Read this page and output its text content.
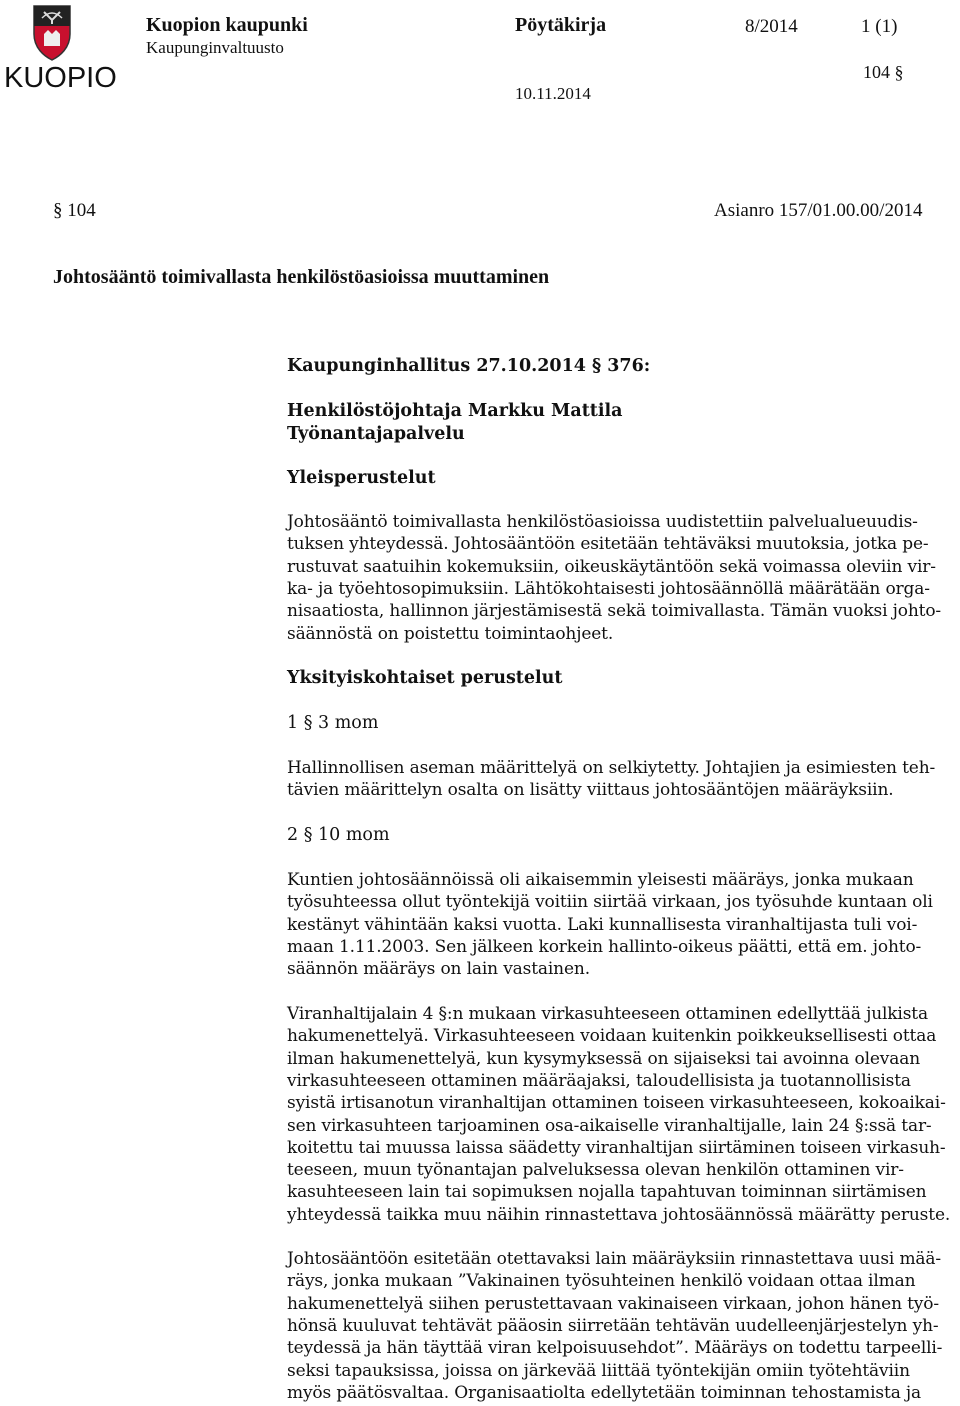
KUOPIO
Kuopion kaupunki
Kaupunginvaltuusto
Pöytäkirja	8/2014	1 (1)
104 §
10.11.2014
§ 104	Asianro 157/01.00.00/2014
Johtosääntö toimivallasta henkilöstöasioissa muuttaminen
Kaupunginhallitus 27.10.2014 § 376:
Henkilöstöjohtaja Markku Mattila
Työnantajapalvelu
Yleisperustelut
Johtosääntö toimivallasta henkilöstöasioissa uudistettiin palvelualueuudis-
tuksen yhteydessä. Johtosääntöön esitetään tehtäväksi muutoksia, jotka pe-
rustuvat saatuihin kokemuksiin, oikeuskäytäntöön sekä voimassa oleviin vir-
ka- ja työehtosopimuksiin. Lähtökohtaisesti johtosäännöllä määrätään orga-
nisaatiosta, hallinnon järjestämisestä sekä toimivallasta. Tämän vuoksi johto-
säännöstä on poistettu toimintaohjeet.
Yksityiskohtaiset perustelut
1 § 3 mom
Hallinnollisen aseman määrittelyä on selkiytetty. Johtajien ja esimiesten teh-
tävien määrittelyn osalta on lisätty viittaus johtosääntöjen määräyksiin.
2 § 10 mom
Kuntien johtosäännöissä oli aikaisemmin yleisesti määräys, jonka mukaan
työsuhteessa ollut työntekijä voitiin siirtää virkaan, jos työsuhde kuntaan oli
kestänyt vähintään kaksi vuotta. Laki kunnallisesta viranhaltijasta tuli voi-
maan 1.11.2003. Sen jälkeen korkein hallinto-oikeus päätti, että em. johto-
säännön määräys on lain vastainen.
Viranhaltijalain 4 §:n mukaan virkasuhteeseen ottaminen edellyttää julkista
hakumenettelyä. Virkasuhteeseen voidaan kuitenkin poikkeuksellisesti ottaa
ilman hakumenettelyä, kun kysymyksessä on sijaiseksi tai avoinna olevaan
virkasuhteeseen ottaminen määräajaksi, taloudellisista ja tuotannollisista
syistä irtisanotun viranhaltijan ottaminen toiseen virkasuhteeseen, kokoaikai-
sen virkasuhteen tarjoaminen osa-aikaiselle viranhaltijalle, lain 24 §:ssä tar-
koitettu tai muussa laissa säädetty viranhaltijan siirtäminen toiseen virkasuh-
teeseen, muun työnantajan palveluksessa olevan henkilön ottaminen vir-
kasuhteeseen lain tai sopimuksen nojalla tapahtuvan toiminnan siirtämisen
yhteydessä taikka muu näihin rinnastettava johtosäännössä määrätty peruste.
Johtosääntöön esitetään otettavaksi lain määräyksiin rinnastettava uusi mää-
räys, jonka mukaan ”Vakinainen työsuhteinen henkilö voidaan ottaa ilman
hakumenettelyä siihen perustettavaan vakinaiseen virkaan, johon hänen työ-
hönsä kuuluvat tehtävät pääosin siirretään tehtävän uudelleenjärjestelyn yh-
teydessä ja hän täyttää viran kelpoisuusehdot”. Määräys on todettu tarpeelli-
seksi tapauksissa, joissa on järkevää liittää työntekijän omiin työtehtäviin
myös päätösvaltaa. Organisaatiolta edellytetään toiminnan tehostamista ja
